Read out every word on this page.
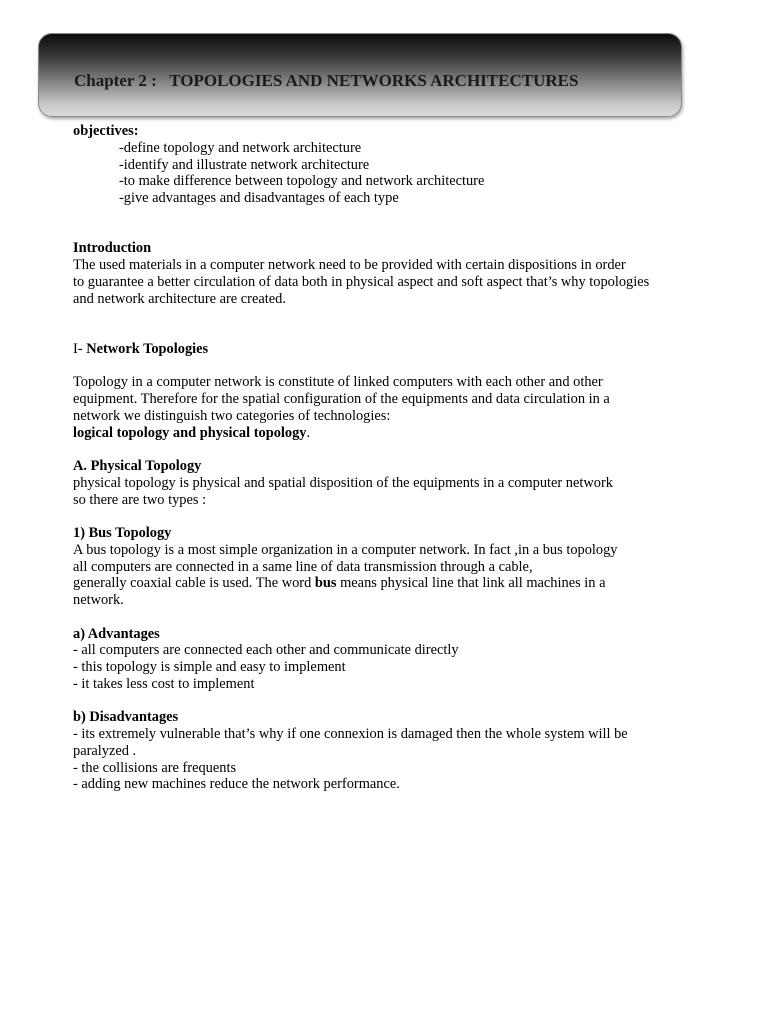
Chapter 2 :   TOPOLOGIES AND NETWORKS ARCHITECTURES
objectives:
-define topology and network architecture
-identify and illustrate network architecture
-to make difference between topology and network architecture
-give advantages and disadvantages of each type
Introduction
The used materials in a computer network need to be provided with certain dispositions in order
to guarantee a better circulation of data both in physical aspect and soft aspect that’s why topologies
and network architecture are created.
I- Network Topologies
Topology in a computer network is constitute of linked computers with each other and other
equipment. Therefore for the spatial configuration of the equipments and data circulation in a
network we distinguish two categories of technologies:
logical topology and physical topology.
A. Physical Topology
physical topology is physical and spatial disposition of the equipments in a computer network
so there are two types :
1) Bus Topology
A bus topology is a most simple organization in a computer network. In fact ,in a bus topology
all computers are connected in a same line of data transmission through a cable,
generally coaxial cable is used. The word bus means physical line that link all machines in a
network.
a) Advantages
- all computers are connected each other and communicate directly
- this topology is simple and easy to implement
- it takes less cost to implement
b) Disadvantages
- its extremely vulnerable that’s why if one connexion is damaged then the whole system will be
paralyzed .
- the collisions are frequents
- adding new machines reduce the network performance.
